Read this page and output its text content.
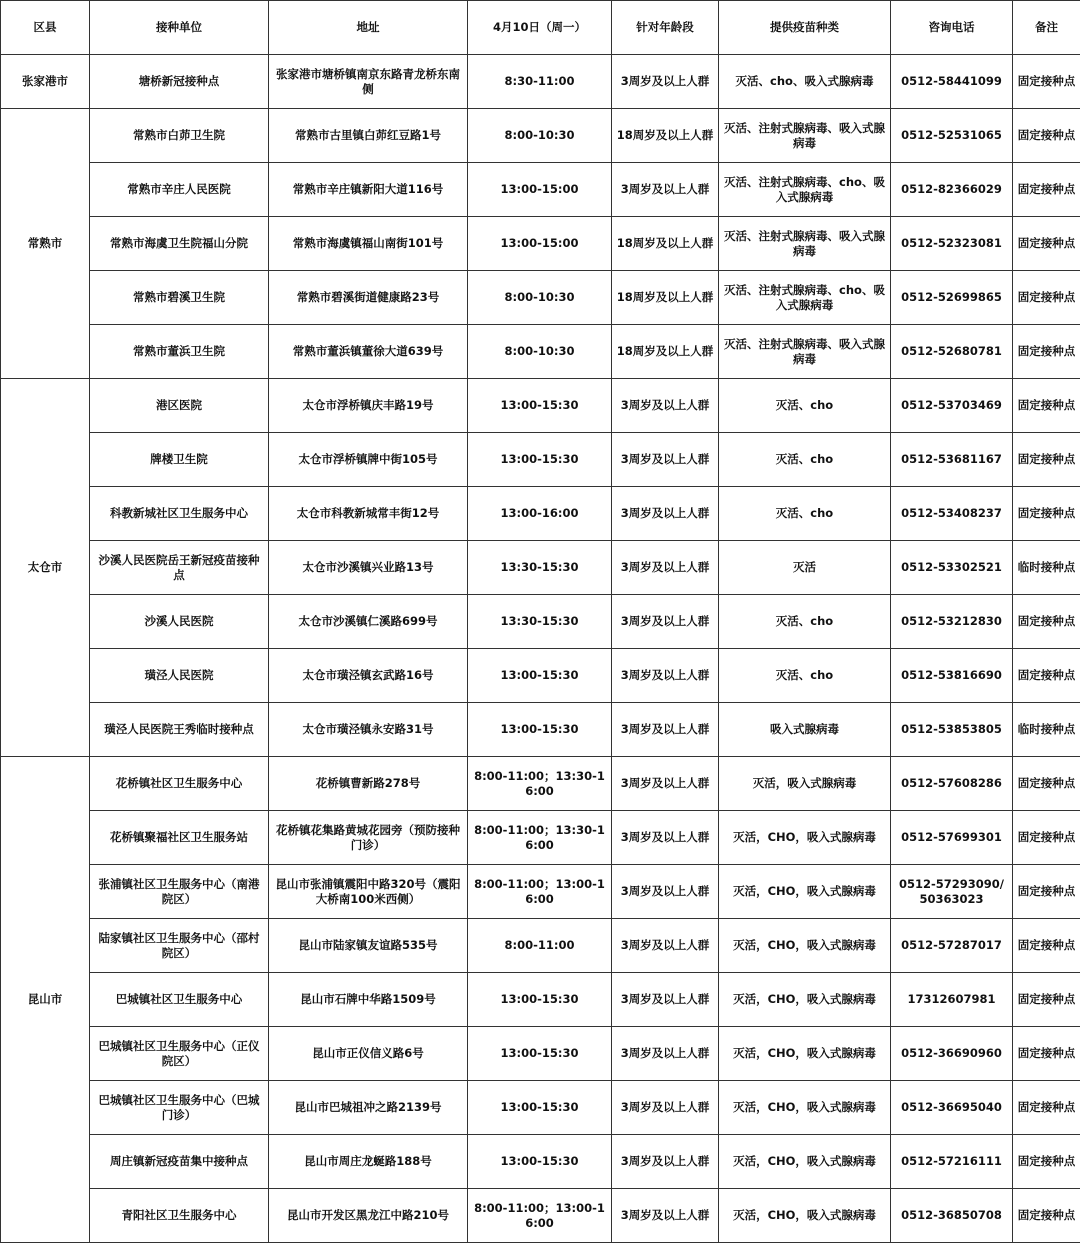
区县	接种单位	地址	4月10日（周一）	针对年龄段	提供疫苗种类	咨询电话	备注
张家港市	塘桥新冠接种点	张家港市塘桥镇南京东路青龙桥东南侧	8:30-11:00	3周岁及以上人群	灭活、cho、吸入式腺病毒	0512-58441099	固定接种点
常熟市	常熟市白茆卫生院	常熟市古里镇白茆红豆路1号	8:00-10:30	18周岁及以上人群	灭活、注射式腺病毒、吸入式腺病毒	0512-52531065	固定接种点
	常熟市辛庄人民医院	常熟市辛庄镇新阳大道116号	13:00-15:00	3周岁及以上人群	灭活、注射式腺病毒、cho、吸入式腺病毒	0512-82366029	固定接种点
	常熟市海虞卫生院福山分院	常熟市海虞镇福山南街101号	13:00-15:00	18周岁及以上人群	灭活、注射式腺病毒、吸入式腺病毒	0512-52323081	固定接种点
	常熟市碧溪卫生院	常熟市碧溪街道健康路23号	8:00-10:30	18周岁及以上人群	灭活、注射式腺病毒、cho、吸入式腺病毒	0512-52699865	固定接种点
	常熟市董浜卫生院	常熟市董浜镇董徐大道639号	8:00-10:30	18周岁及以上人群	灭活、注射式腺病毒、吸入式腺病毒	0512-52680781	固定接种点
太仓市	港区医院	太仓市浮桥镇庆丰路19号	13:00-15:30	3周岁及以上人群	灭活、cho	0512-53703469	固定接种点
	牌楼卫生院	太仓市浮桥镇牌中街105号	13:00-15:30	3周岁及以上人群	灭活、cho	0512-53681167	固定接种点
	科教新城社区卫生服务中心	太仓市科教新城常丰街12号	13:00-16:00	3周岁及以上人群	灭活、cho	0512-53408237	固定接种点
	沙溪人民医院岳王新冠疫苗接种点	太仓市沙溪镇兴业路13号	13:30-15:30	3周岁及以上人群	灭活	0512-53302521	临时接种点
	沙溪人民医院	太仓市沙溪镇仁溪路699号	13:30-15:30	3周岁及以上人群	灭活、cho	0512-53212830	固定接种点
	璜泾人民医院	太仓市璜泾镇玄武路16号	13:00-15:30	3周岁及以上人群	灭活、cho	0512-53816690	固定接种点
	璜泾人民医院王秀临时接种点	太仓市璜泾镇永安路31号	13:00-15:30	3周岁及以上人群	吸入式腺病毒	0512-53853805	临时接种点
昆山市	花桥镇社区卫生服务中心	花桥镇曹新路278号	8:00-11:00；13:30-16:00	3周岁及以上人群	灭活，吸入式腺病毒	0512-57608286	固定接种点
	花桥镇聚福社区卫生服务站	花桥镇花集路黄城花园旁（预防接种门诊）	8:00-11:00；13:30-16:00	3周岁及以上人群	灭活，CHO，吸入式腺病毒	0512-57699301	固定接种点
	张浦镇社区卫生服务中心（南港院区）	昆山市张浦镇震阳中路320号（震阳大桥南100米西侧）	8:00-11:00；13:00-16:00	3周岁及以上人群	灭活，CHO，吸入式腺病毒	0512-57293090/ 50363023	固定接种点
	陆家镇社区卫生服务中心（邵村院区）	昆山市陆家镇友谊路535号	8:00-11:00	3周岁及以上人群	灭活，CHO，吸入式腺病毒	0512-57287017	固定接种点
	巴城镇社区卫生服务中心	昆山市石牌中华路1509号	13:00-15:30	3周岁及以上人群	灭活，CHO，吸入式腺病毒	17312607981	固定接种点
	巴城镇社区卫生服务中心（正仪院区）	昆山市正仪信义路6号	13:00-15:30	3周岁及以上人群	灭活，CHO，吸入式腺病毒	0512-36690960	固定接种点
	巴城镇社区卫生服务中心（巴城门诊）	昆山市巴城祖冲之路2139号	13:00-15:30	3周岁及以上人群	灭活，CHO，吸入式腺病毒	0512-36695040	固定接种点
	周庄镇新冠疫苗集中接种点	昆山市周庄龙蜒路188号	13:00-15:30	3周岁及以上人群	灭活，CHO，吸入式腺病毒	0512-57216111	固定接种点
	青阳社区卫生服务中心	昆山市开发区黑龙江中路210号	8:00-11:00；13:00-16:00	3周岁及以上人群	灭活，CHO，吸入式腺病毒	0512-36850708	固定接种点
